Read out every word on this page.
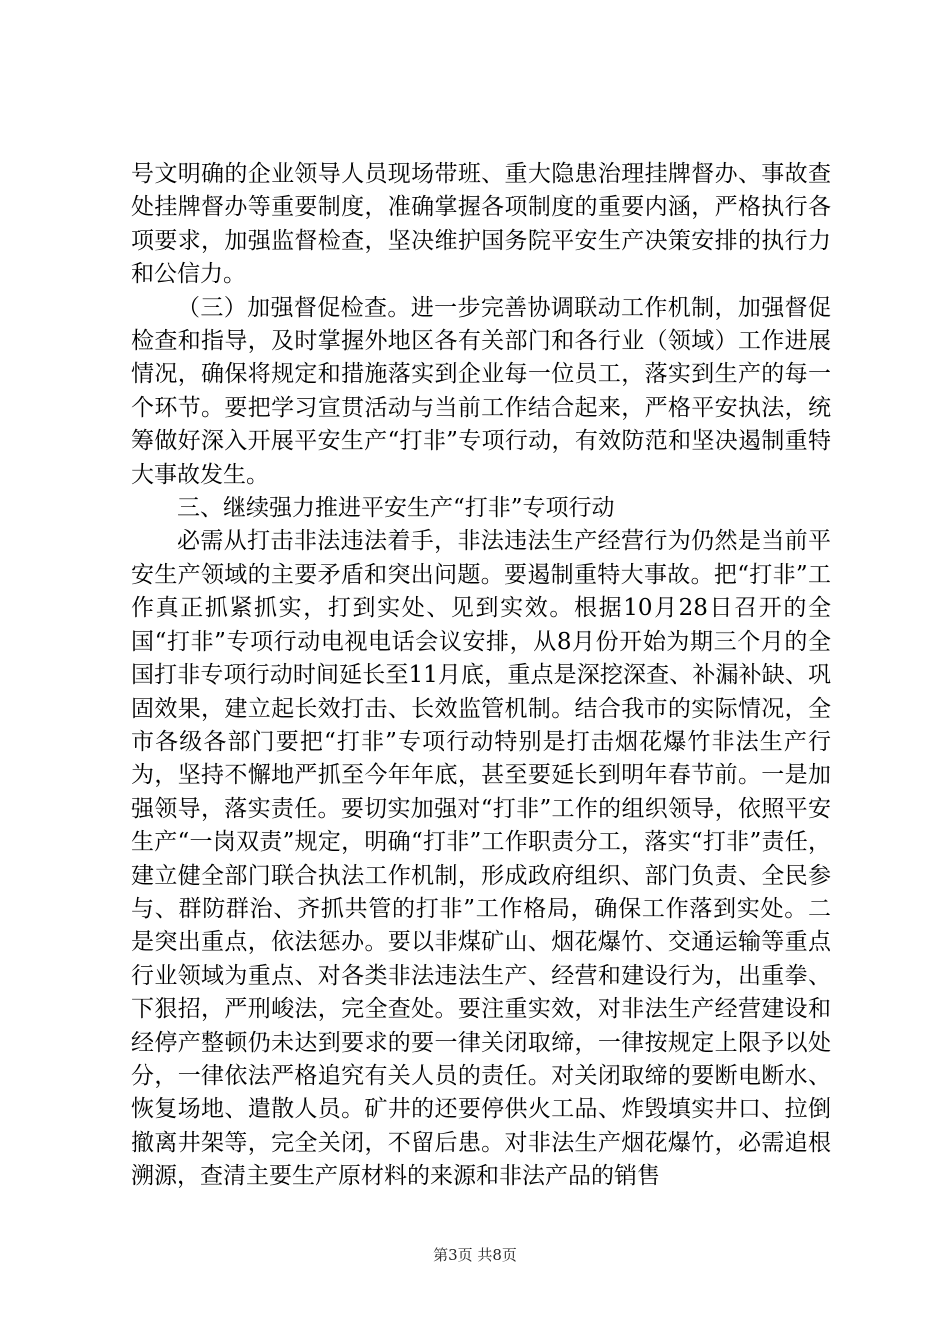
号文明确的企业领导人员现场带班、重大隐患治理挂牌督办、事故查处挂牌督办等重要制度，准确掌握各项制度的重要内涵，严格执行各项要求，加强监督检查，坚决维护国务院平安生产决策安排的执行力和公信力。

（三）加强督促检查。进一步完善协调联动工作机制，加强督促检查和指导，及时掌握外地区各有关部门和各行业（领域）工作进展情况，确保将规定和措施落实到企业每一位员工，落实到生产的每一个环节。要把学习宣贯活动与当前工作结合起来，严格平安执法，统筹做好深入开展平安生产“打非”专项行动，有效防范和坚决遏制重特大事故发生。

三、继续强力推进平安生产“打非”专项行动

必需从打击非法违法着手，非法违法生产经营行为仍然是当前平安生产领域的主要矛盾和突出问题。要遏制重特大事故。把“打非”工作真正抓紧抓实，打到实处、见到实效。根据10月28日召开的全国“打非”专项行动电视电话会议安排，从8月份开始为期三个月的全国打非专项行动时间延长至11月底，重点是深挖深查、补漏补缺、巩固效果，建立起长效打击、长效监管机制。结合我市的实际情况，全市各级各部门要把“打非”专项行动特别是打击烟花爆竹非法生产行为，坚持不懈地严抓至今年年底，甚至要延长到明年春节前。一是加强领导，落实责任。要切实加强对“打非”工作的组织领导，依照平安生产“一岗双责”规定，明确“打非”工作职责分工，落实“打非”责任，建立健全部门联合执法工作机制，形成政府组织、部门负责、全民参与、群防群治、齐抓共管的打非”工作格局，确保工作落到实处。二是突出重点，依法惩办。要以非煤矿山、烟花爆竹、交通运输等重点行业领域为重点、对各类非法违法生产、经营和建设行为，出重拳、下狠招，严刑峻法，完全查处。要注重实效，对非法生产经营建设和经停产整顿仍未达到要求的要一律关闭取缔，一律按规定上限予以处分，一律依法严格追究有关人员的责任。对关闭取缔的要断电断水、恢复场地、遣散人员。矿井的还要停供火工品、炸毁填实井口、拉倒撤离井架等，完全关闭，不留后患。对非法生产烟花爆竹，必需追根溯源，查清主要生产原材料的来源和非法产品的销售

第3页 共8页
